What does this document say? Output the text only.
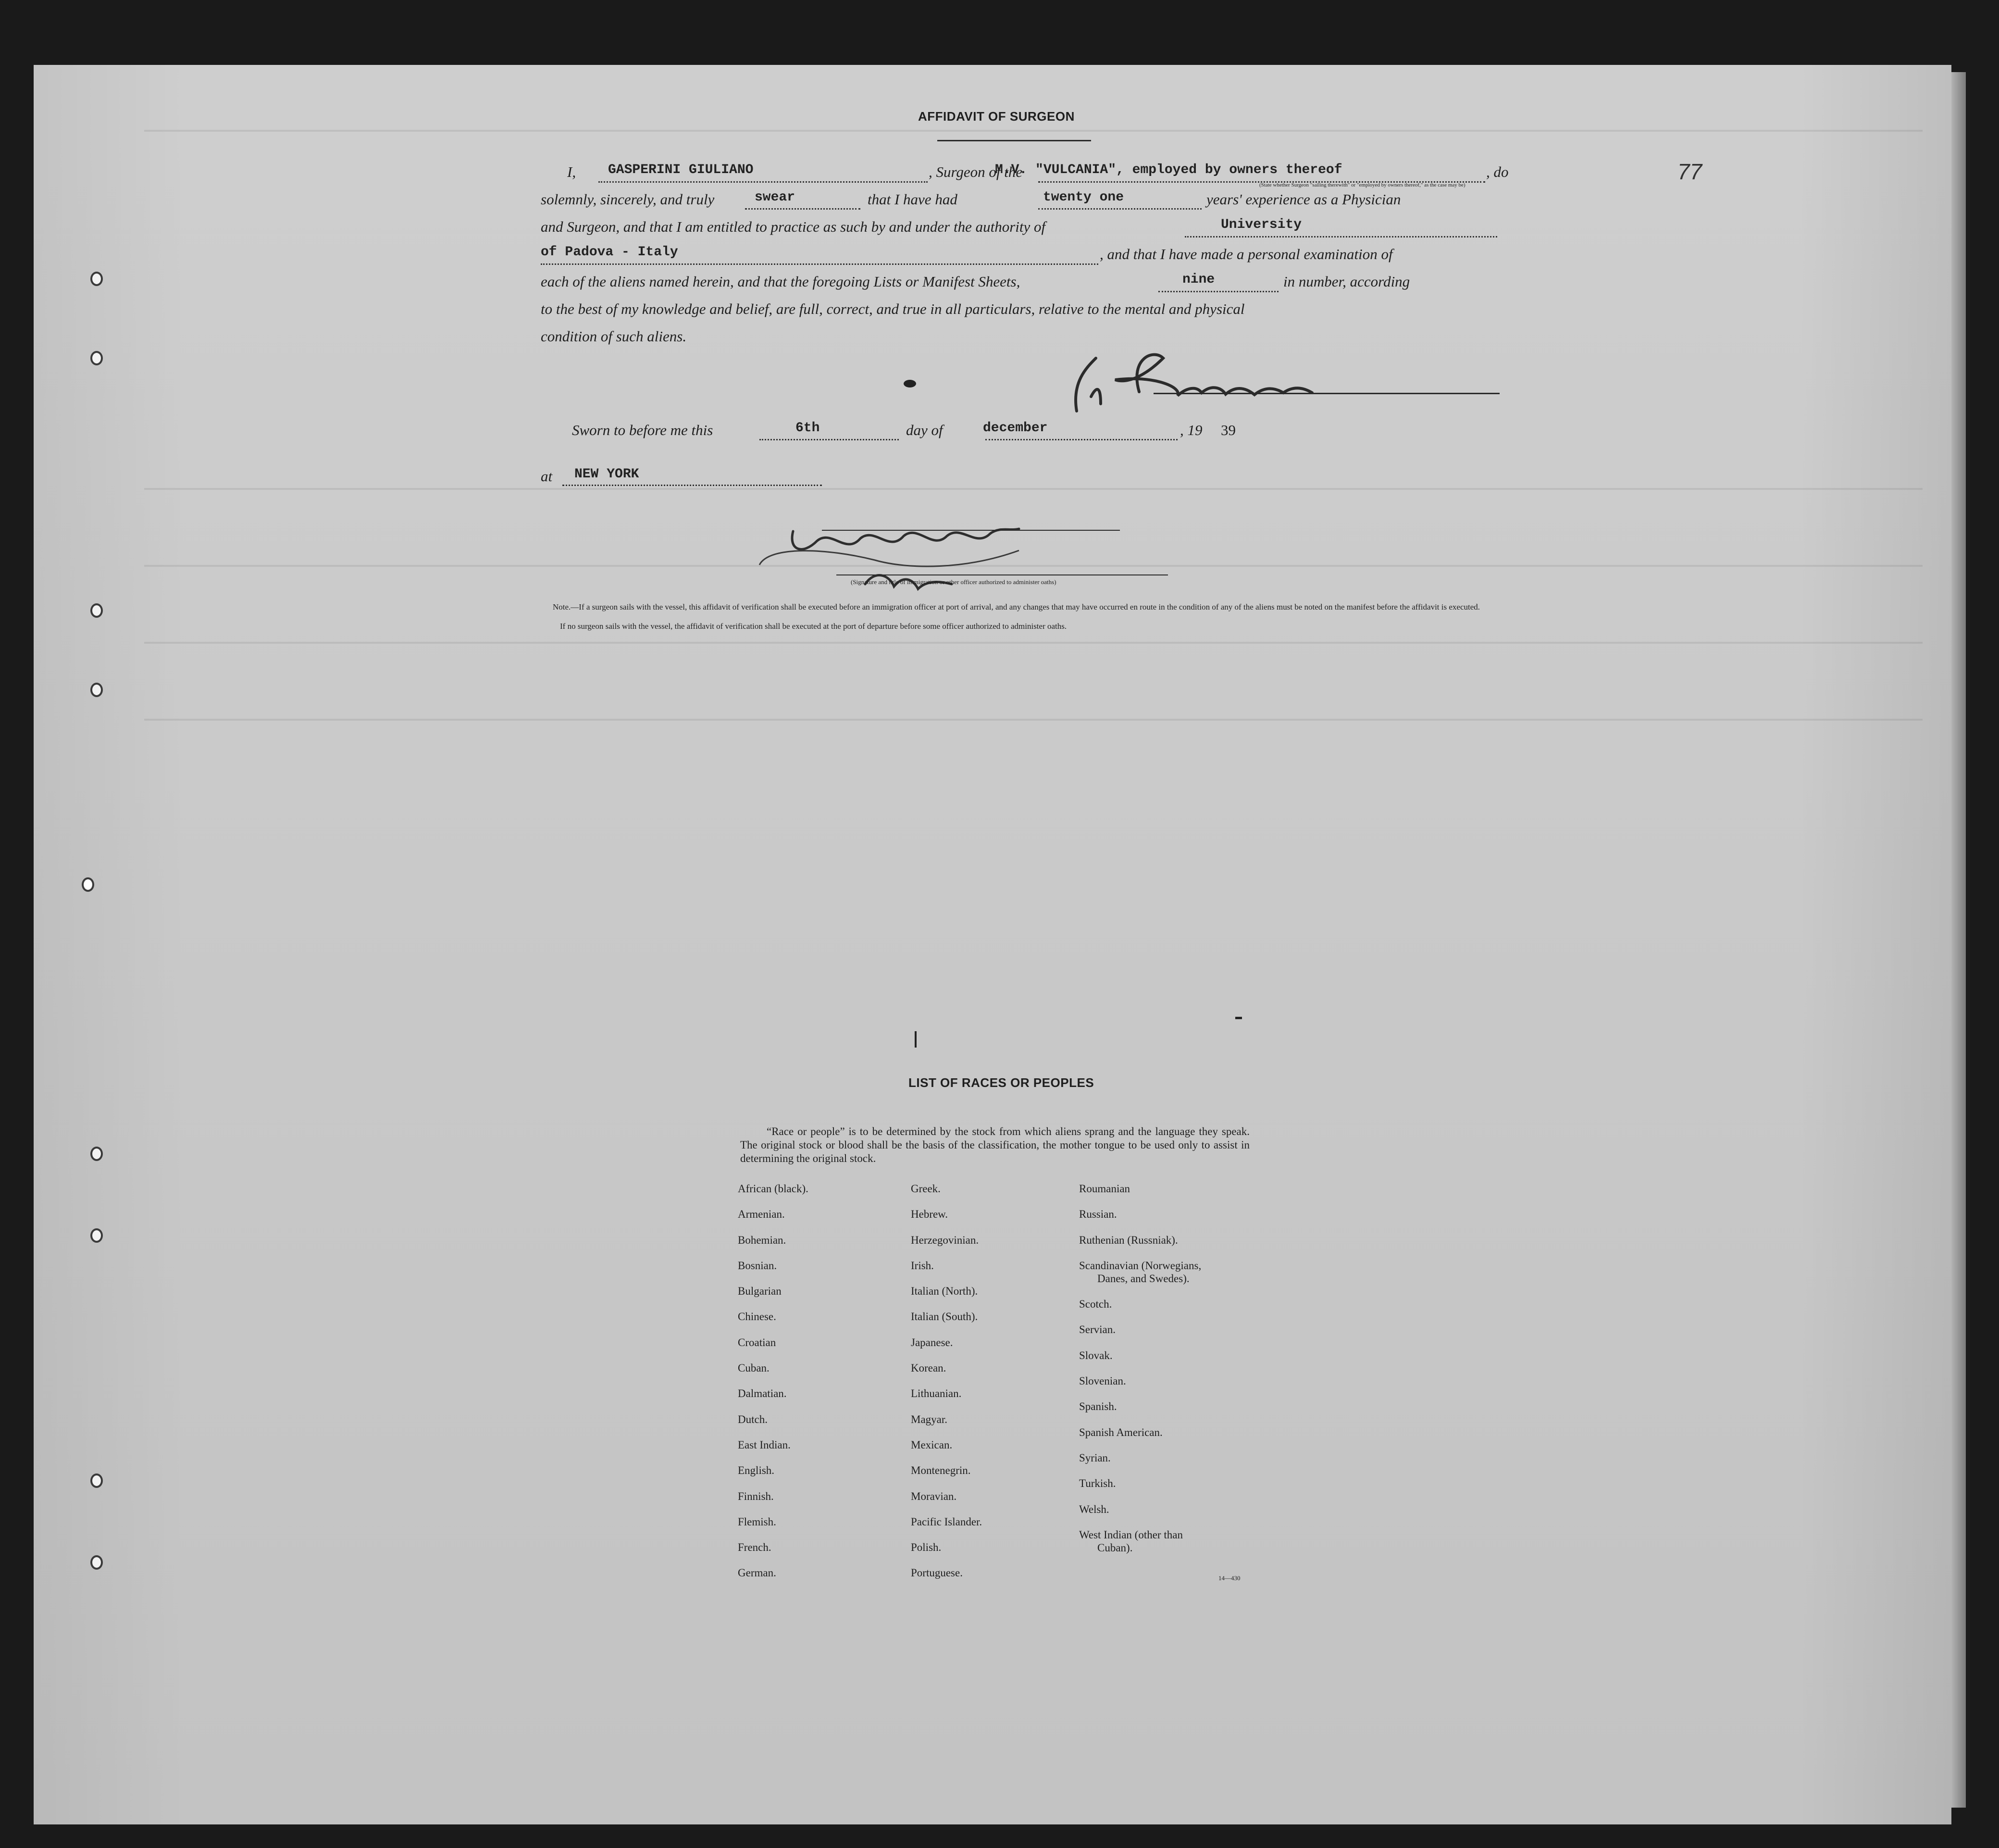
77
AFFIDAVIT OF SURGEON
I, GASPERINI GIULIANO	, Surgeon of the
M.V. "VULCANIA", employed by owners thereof	, do
(State whether Surgeon "sailing therewith" or "employed by owners thereof," as the case may be)
solemnly, sincerely, and truly	swear	that I have had	twenty one	years' experience as a Physician
and Surgeon, and that I am entitled to practice as such by and under the authority of	University
of Padova - Italy	, and that I have made a personal examination of
each of the aliens named herein, and that the foregoing Lists or Manifest Sheets,	nine	in number, according
to the best of my knowledge and belief, are full, correct, and true in all particulars, relative to the mental and physical
condition of such aliens.
Sworn to before me this	6th	day of	december	, 19 39
at NEW YORK
(Signature and title of immigration or other officer authorized to administer oaths)
Note.—If a surgeon sails with the vessel, this affidavit of verification shall be executed before an immigration officer at port of arrival, and any changes that may have occurred en route in the condition of any of the aliens must be noted on the manifest before the affidavit is executed.
If no surgeon sails with the vessel, the affidavit of verification shall be executed at the port of departure before some officer authorized to administer oaths.
LIST OF RACES OR PEOPLES
“Race or people” is to be determined by the stock from which aliens sprang and the language they speak. The original stock or blood shall be the basis of the classification, the mother tongue to be used only to assist in determining the original stock.
African (black).
Armenian.
Bohemian.
Bosnian.
Bulgarian
Chinese.
Croatian
Cuban.
Dalmatian.
Dutch.
East Indian.
English.
Finnish.
Flemish.
French.
German.
Greek.
Hebrew.
Herzegovinian.
Irish.
Italian (North).
Italian (South).
Japanese.
Korean.
Lithuanian.
Magyar.
Mexican.
Montenegrin.
Moravian.
Pacific Islander.
Polish.
Portuguese.
Roumanian
Russian.
Ruthenian (Russniak).
Scandinavian (Norwegians,
Danes, and Swedes).
Scotch.
Servian.
Slovak.
Slovenian.
Spanish.
Spanish American.
Syrian.
Turkish.
Welsh.
West Indian (other than
Cuban).
14—430
